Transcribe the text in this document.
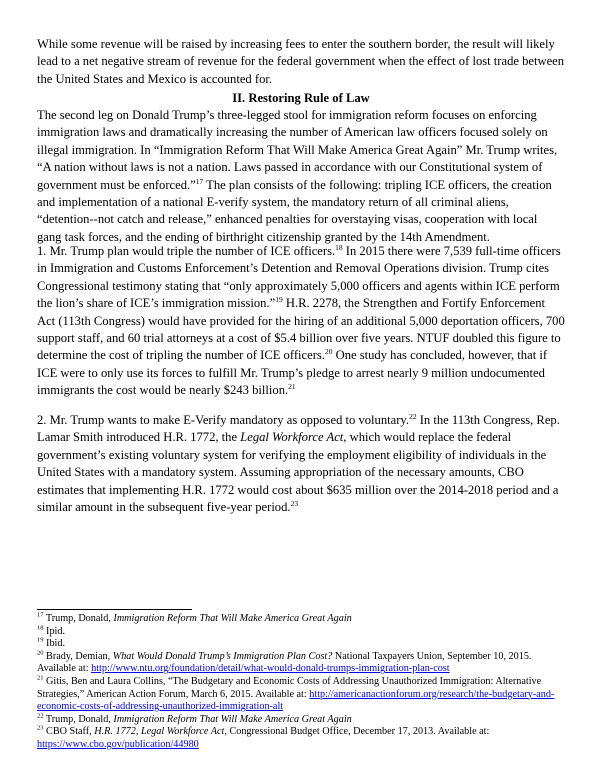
While some revenue will be raised by increasing fees to enter the southern border, the result will likely lead to a net negative stream of revenue for the federal government when the effect of lost trade between the United States and Mexico is accounted for.

II. Restoring Rule of Law

The second leg on Donald Trump’s three-legged stool for immigration reform focuses on enforcing immigration laws and dramatically increasing the number of American law officers focused solely on illegal immigration. In “Immigration Reform That Will Make America Great Again” Mr. Trump writes, “A nation without laws is not a nation. Laws passed in accordance with our Constitutional system of government must be enforced.”$^{17}$ The plan consists of the following: tripling ICE officers, the creation and implementation of a national E-verify system, the mandatory return of all criminal aliens, “detention--not catch and release,” enhanced penalties for overstaying visas, cooperation with local gang task forces, and the ending of birthright citizenship granted by the 14th Amendment.

1. Mr. Trump plan would triple the number of ICE officers.$^{18}$ In 2015 there were 7,539 full-time officers in Immigration and Customs Enforcement’s Detention and Removal Operations division. Trump cites Congressional testimony stating that “only approximately 5,000 officers and agents within ICE perform the lion’s share of ICE’s immigration mission.”$^{19}$ H.R. 2278, the Strengthen and Fortify Enforcement Act (113th Congress) would have provided for the hiring of an additional 5,000 deportation officers, 700 support staff, and 60 trial attorneys at a cost of $5.4 billion over five years. NTUF doubled this figure to determine the cost of tripling the number of ICE officers.$^{20}$ One study has concluded, however, that if ICE were to only use its forces to fulfill Mr. Trump’s pledge to arrest nearly 9 million undocumented immigrants the cost would be nearly $243 billion.$^{21}$

2. Mr. Trump wants to make E-Verify mandatory as opposed to voluntary.$^{22}$ In the 113th Congress, Rep. Lamar Smith introduced H.R. 1772, the Legal Workforce Act, which would replace the federal government’s existing voluntary system for verifying the employment eligibility of individuals in the United States with a mandatory system. Assuming appropriation of the necessary amounts, CBO estimates that implementing H.R. 1772 would cost about $635 million over the 2014-2018 period and a similar amount in the subsequent five-year period.$^{23}$

$^{17}$ Trump, Donald, Immigration Reform That Will Make America Great Again

$^{18}$ Ipid.

$^{19}$ Ibid.

$^{20}$ Brady, Demian, What Would Donald Trump’s Immigration Plan Cost? National Taxpayers Union, September 10, 2015. Available at: http://www.ntu.org/foundation/detail/what-would-donald-trumps-immigration-plan-cost

$^{21}$ Gitis, Ben and Laura Collins, “The Budgetary and Economic Costs of Addressing Unauthorized Immigration: Alternative Strategies,” American Action Forum, March 6, 2015. Available at: http://americanactionforum.org/research/the-budgetary-and-economic-costs-of-addressing-unauthorized-immigration-alt

$^{22}$ Trump, Donald, Immigration Reform That Will Make America Great Again

$^{23}$ CBO Staff, H.R. 1772, Legal Workforce Act, Congressional Budget Office, December 17, 2013. Available at:
https://www.cbo.gov/publication/44980
